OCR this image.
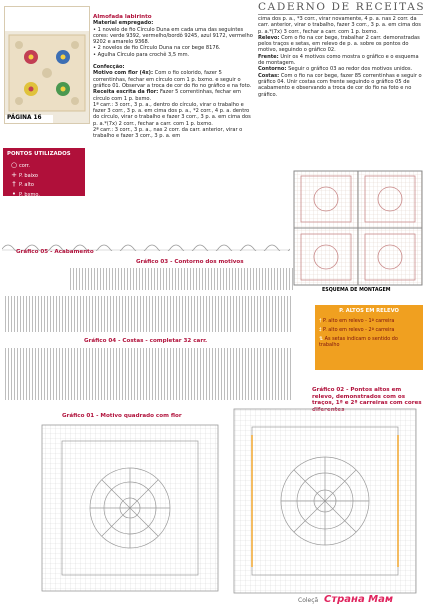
CADERNO DE RECEITAS
PÁGINA 16
PONTOS UTILIZADOS
○ corr.
+ P. baixo
† P. alto
• P. bxmo.
Almofada labirinto
Material empregado:
• 1 novelo de fio Círculo Duna em cada uma das seguintes cores: verde 9392, vermelho/bordô 9245, azul 9172, vermelho 9202 e amarelo 9368.
• 2 novelos de fio Círculo Duna na cor bege 8176.
• Agulha Círculo para crochê 3,5 mm.
Confecção:
Motivo com flor (4x): Com o fio colorido, fazer 5 correntinhas, fechar em círculo com 1 p. bxmo. e seguir o gráfico 01. Observar a troca de cor do fio no gráfico e na foto.
Receita escrita da flor: Fazer 5 correntinhas, fechar em círculo com 1 p. bxmo.
1ª carr.: 3 corr., 3 p. a., dentro do círculo, virar o trabalho e fazer 3 corr., 3 p. a. em cima dos p. a., *2 corr., 4 p. a. dentro do círculo, virar o trabalho e fazer 3 corr., 3 p. a. em cima dos p. a.*(7x) 2 corr., fechar a carr. com 1 p. bxmo.
2ª carr.: 3 corr., 3 p. a., nas 2 corr. da carr. anterior, virar o trabalho e fazer 3 corr., 3 p. a. em
cima dos p. a., *3 corr., virar novamente, 4 p. a. nas 2 corr. da carr. anterior, virar o trabalho, fazer 3 corr., 3 p. a. em cima dos p. a.*(7x) 3 corr., fechar a carr. com 1 p. bxmo.
Relevo: Com o fio na cor bege, trabalhar 2 carr. demonstradas pelos traços e setas, em relevo de p. a. sobre os pontos do motivo, seguindo o gráfico 02.
Frente: Unir os 4 motivos como mostra o gráfico e o esquema de montagem.
Contorno: Seguir o gráfico 03 ao redor dos motivos unidos.
Costas: Com o fio na cor bege, fazer 85 correntinhas e seguir o gráfico 04. Unir costas com frente seguindo o gráfico 05 de acabamento e observando a troca de cor do fio na foto e no gráfico.
ESQUEMA DE MONTAGEM
Gráfico 05 - Acabamento
Gráfico 03 - Contorno dos motivos
Gráfico 04 - Costas - completar 32 carr.
P. ALTOS EM RELEVO
† P. alto em relevo - 1ª carreira
‡ P. alto em relevo - 2ª carreira
⇅ As setas indicam o sentido do trabalho
Gráfico 02 - Pontos altos em relevo, demonstrados com os traços, 1ª e 2ª carreiras com cores
Gráfico 01 - Motivo quadrado com flor
Coleçã Страна Мам
